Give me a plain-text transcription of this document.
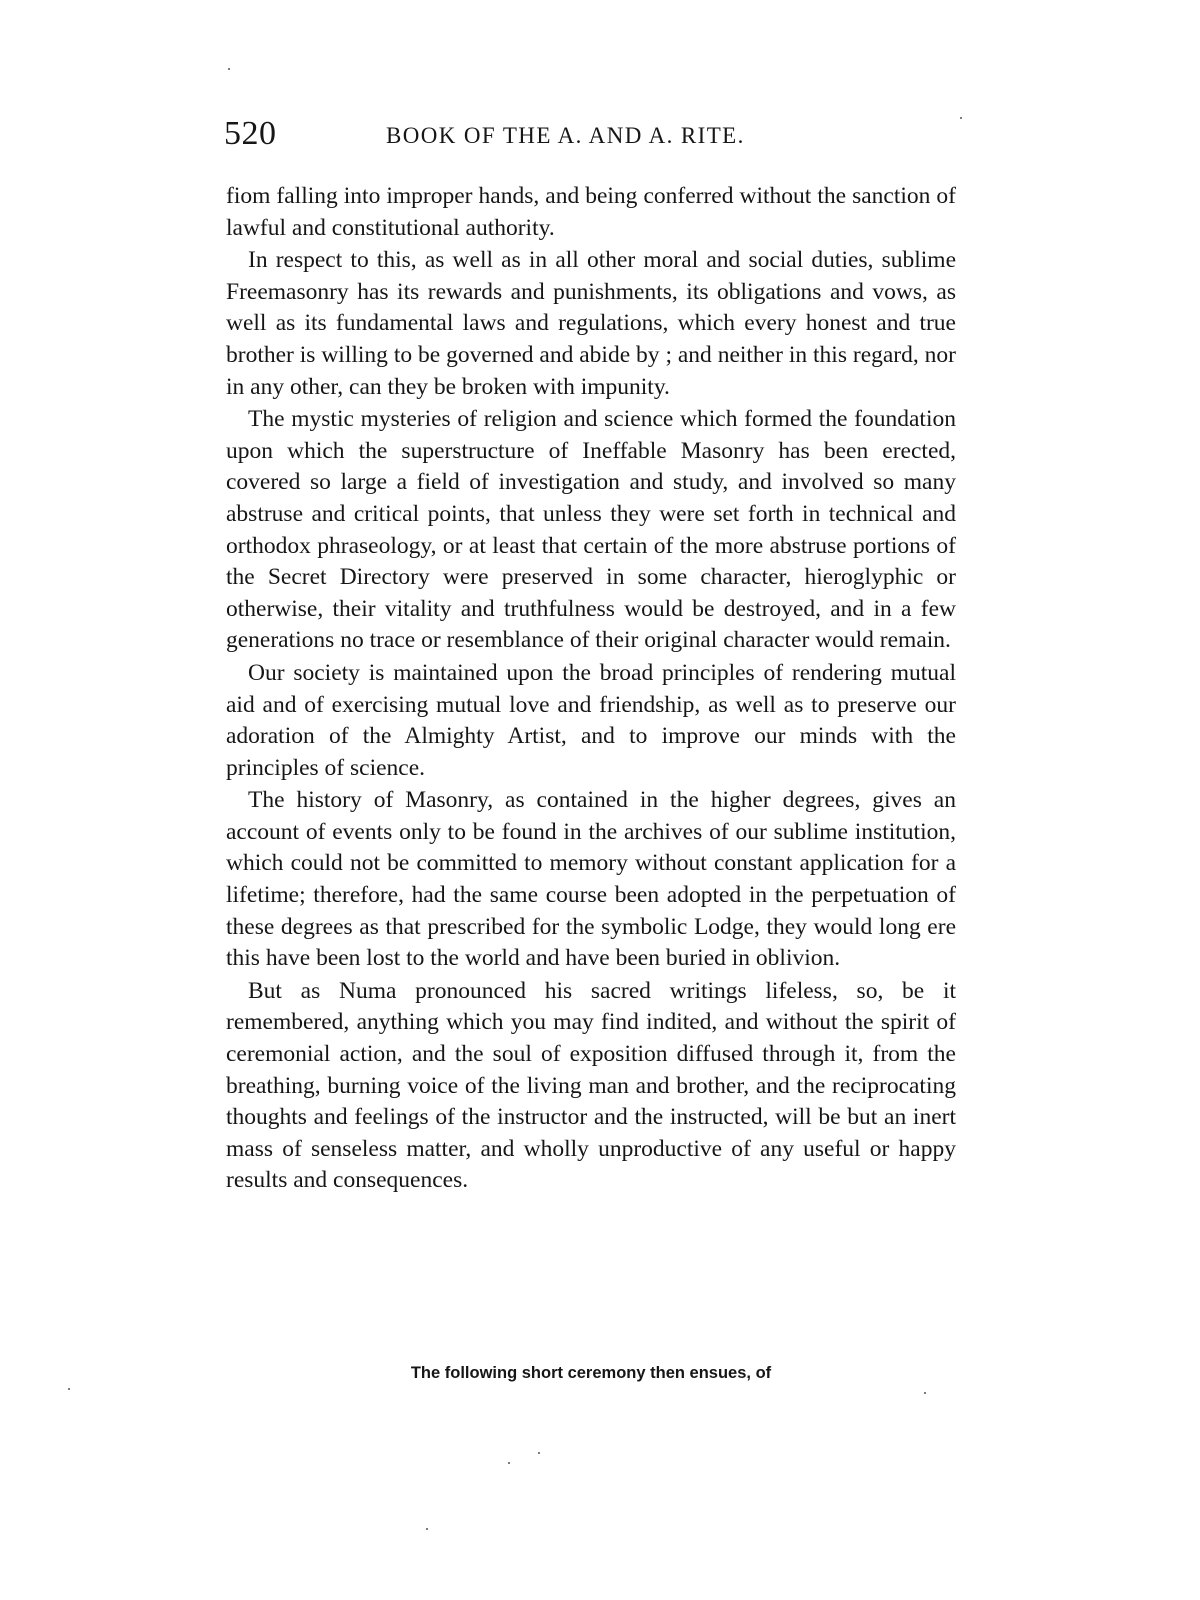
520	BOOK OF THE A. AND A. RITE.

fiom falling into improper hands, and being conferred without the sanction of lawful and constitutional authority.

In respect to this, as well as in all other moral and social duties, sublime Freemasonry has its rewards and punishments, its obligations and vows, as well as its fundamental laws and regulations, which every honest and true brother is willing to be governed and abide by ; and neither in this regard, nor in any other, can they be broken with impunity.

The mystic mysteries of religion and science which formed the foundation upon which the superstructure of Ineffable Masonry has been erected, covered so large a field of investigation and study, and involved so many abstruse and critical points, that unless they were set forth in technical and orthodox phraseology, or at least that certain of the more abstruse portions of the Secret Directory were preserved in some character, hieroglyphic or otherwise, their vitality and truthfulness would be destroyed, and in a few generations no trace or resemblance of their original character would remain.

Our society is maintained upon the broad principles of rendering mutual aid and of exercising mutual love and friendship, as well as to preserve our adoration of the Almighty Artist, and to improve our minds with the principles of science.

The history of Masonry, as contained in the higher degrees, gives an account of events only to be found in the archives of our sublime institution, which could not be committed to memory without constant application for a lifetime; therefore, had the same course been adopted in the perpetuation of these degrees as that prescribed for the symbolic Lodge, they would long ere this have been lost to the world and have been buried in oblivion.

But as Numa pronounced his sacred writings lifeless, so, be it remembered, anything which you may find indited, and without the spirit of ceremonial action, and the soul of exposition diffused through it, from the breathing, burning voice of the living man and brother, and the reciprocating thoughts and feelings of the instructor and the instructed, will be but an inert mass of senseless matter, and wholly unproductive of any useful or happy results and consequences.

The following short ceremony then ensues, of
